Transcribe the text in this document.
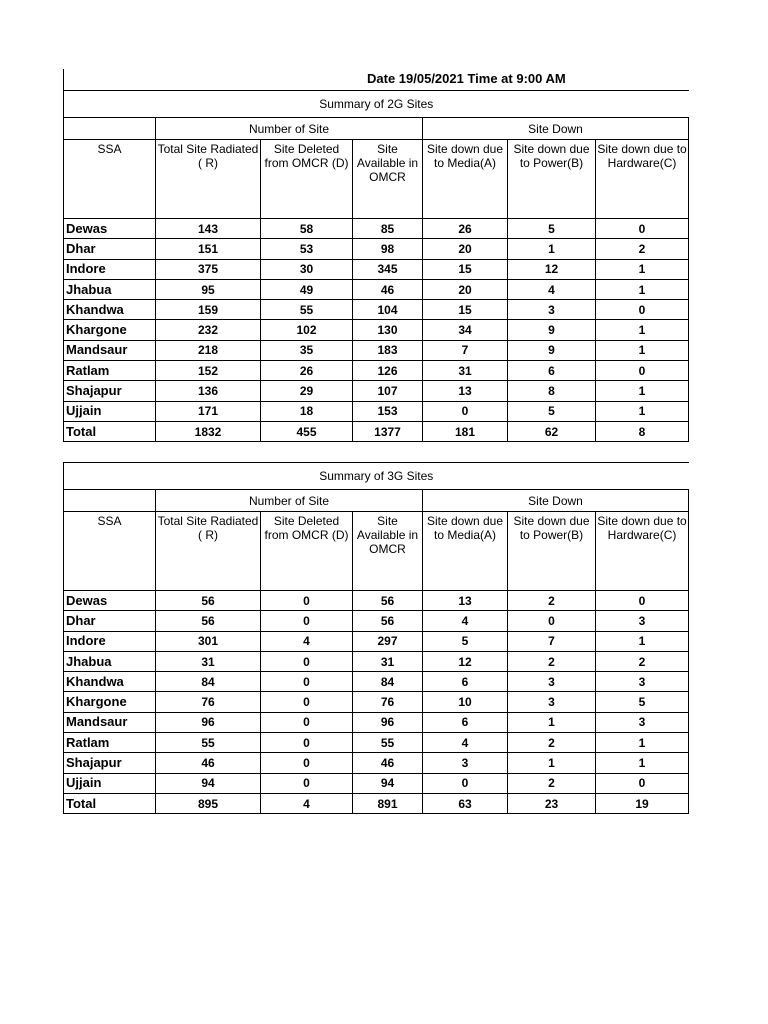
Date 19/05/2021 Time at 9:00 AM
Summary of 2G Sites						
	Number of Site			Site Down		
SSA	Total Site Radiated ( R)	Site Deleted from OMCR (D)	Site Available in OMCR	Site down due to Media(A)	Site down due to Power(B)	Site down due to Hardware(C)
Dewas	143	58	85	26	5	0
Dhar	151	53	98	20	1	2
Indore	375	30	345	15	12	1
Jhabua	95	49	46	20	4	1
Khandwa	159	55	104	15	3	0
Khargone	232	102	130	34	9	1
Mandsaur	218	35	183	7	9	1
Ratlam	152	26	126	31	6	0
Shajapur	136	29	107	13	8	1
Ujjain	171	18	153	0	5	1
Total	1832	455	1377	181	62	8
Summary of 3G Sites						
	Number of Site			Site Down		
SSA	Total Site Radiated ( R)	Site Deleted from OMCR (D)	Site Available in OMCR	Site down due to Media(A)	Site down due to Power(B)	Site down due to Hardware(C)
Dewas	56	0	56	13	2	0
Dhar	56	0	56	4	0	3
Indore	301	4	297	5	7	1
Jhabua	31	0	31	12	2	2
Khandwa	84	0	84	6	3	3
Khargone	76	0	76	10	3	5
Mandsaur	96	0	96	6	1	3
Ratlam	55	0	55	4	2	1
Shajapur	46	0	46	3	1	1
Ujjain	94	0	94	0	2	0
Total	895	4	891	63	23	19
